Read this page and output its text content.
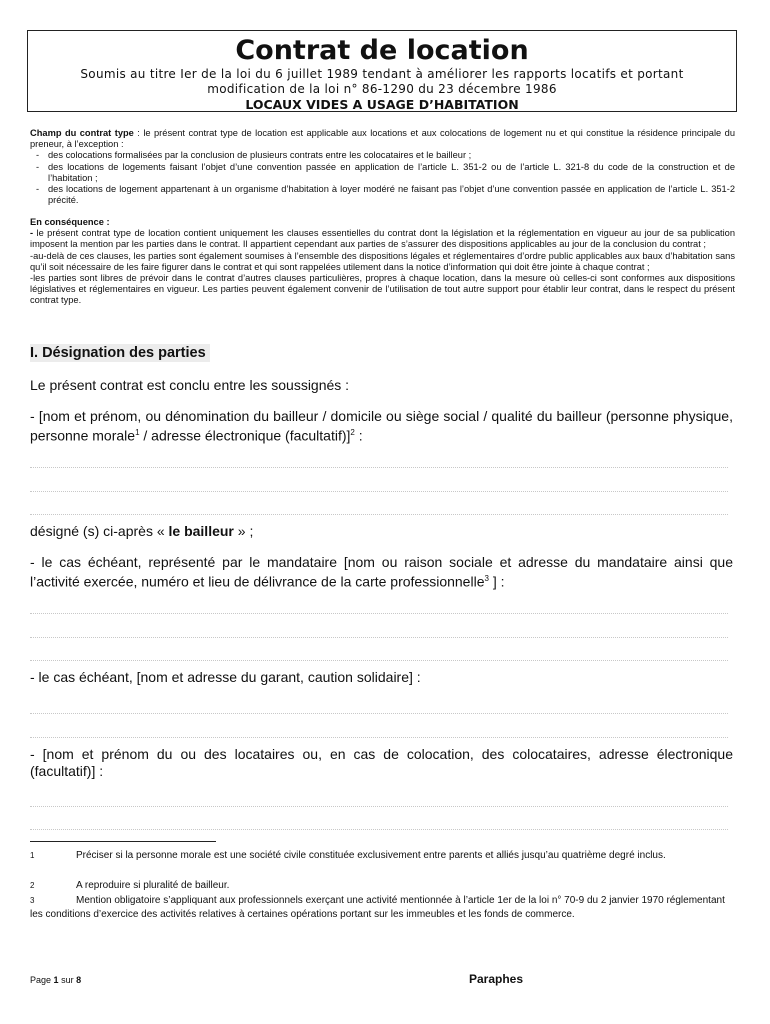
Contrat de location
Soumis au titre Ier de la loi du 6 juillet 1989 tendant à améliorer les rapports locatifs et portant modification de la loi n° 86-1290 du 23 décembre 1986
LOCAUX VIDES A USAGE D’HABITATION
Champ du contrat type : le présent contrat type de location est applicable aux locations et aux colocations de logement nu et qui constitue la résidence principale du preneur, à l’exception :
- des colocations formalisées par la conclusion de plusieurs contrats entre les colocataires et le bailleur ;
- des locations de logements faisant l’objet d’une convention passée en application de l’article L. 351-2 ou de l’article L. 321-8 du code de la construction et de l’habitation ;
- des locations de logement appartenant à un organisme d’habitation à loyer modéré ne faisant pas l’objet d’une convention passée en application de l’article L. 351-2 précité.
En conséquence :
- le présent contrat type de location contient uniquement les clauses essentielles du contrat dont la législation et la réglementation en vigueur au jour de sa publication imposent la mention par les parties dans le contrat. Il appartient cependant aux parties de s’assurer des dispositions applicables au jour de la conclusion du contrat ;
-au-delà de ces clauses, les parties sont également soumises à l’ensemble des dispositions légales et réglementaires d’ordre public applicables aux baux d’habitation sans qu’il soit nécessaire de les faire figurer dans le contrat et qui sont rappelées utilement dans la notice d’information qui doit être jointe à chaque contrat ;
-les parties sont libres de prévoir dans le contrat d’autres clauses particulières, propres à chaque location, dans la mesure où celles-ci sont conformes aux dispositions législatives et réglementaires en vigueur. Les parties peuvent également convenir de l’utilisation de tout autre support pour établir leur contrat, dans le respect du présent contrat type.
I. Désignation des parties
Le présent contrat est conclu entre les soussignés :
- [nom et prénom, ou dénomination du bailleur / domicile ou siège social / qualité du bailleur (personne physique, personne morale$^1$ / adresse électronique (facultatif)]$^2$ :
désigné (s) ci-après « le bailleur » ;
- le cas échéant, représenté par le mandataire [nom ou raison sociale et adresse du mandataire ainsi que l’activité exercée, numéro et lieu de délivrance de la carte professionnelle$^3$ ] :
- le cas échéant, [nom et adresse du garant, caution solidaire] :
- [nom et prénom du ou des locataires ou, en cas de colocation, des colocataires, adresse électronique (facultatif)] :
1	Préciser si la personne morale est une société civile constituée exclusivement entre parents et alliés jusqu’au quatrième degré inclus.
2	A reproduire si pluralité de bailleur.
3	Mention obligatoire s’appliquant aux professionnels exerçant une activité mentionnée à l’article 1er de la loi n° 70-9 du 2 janvier 1970 réglementant les conditions d’exercice des activités relatives à certaines opérations portant sur les immeubles et les fonds de commerce.
Page 1 sur 8	Paraphes
